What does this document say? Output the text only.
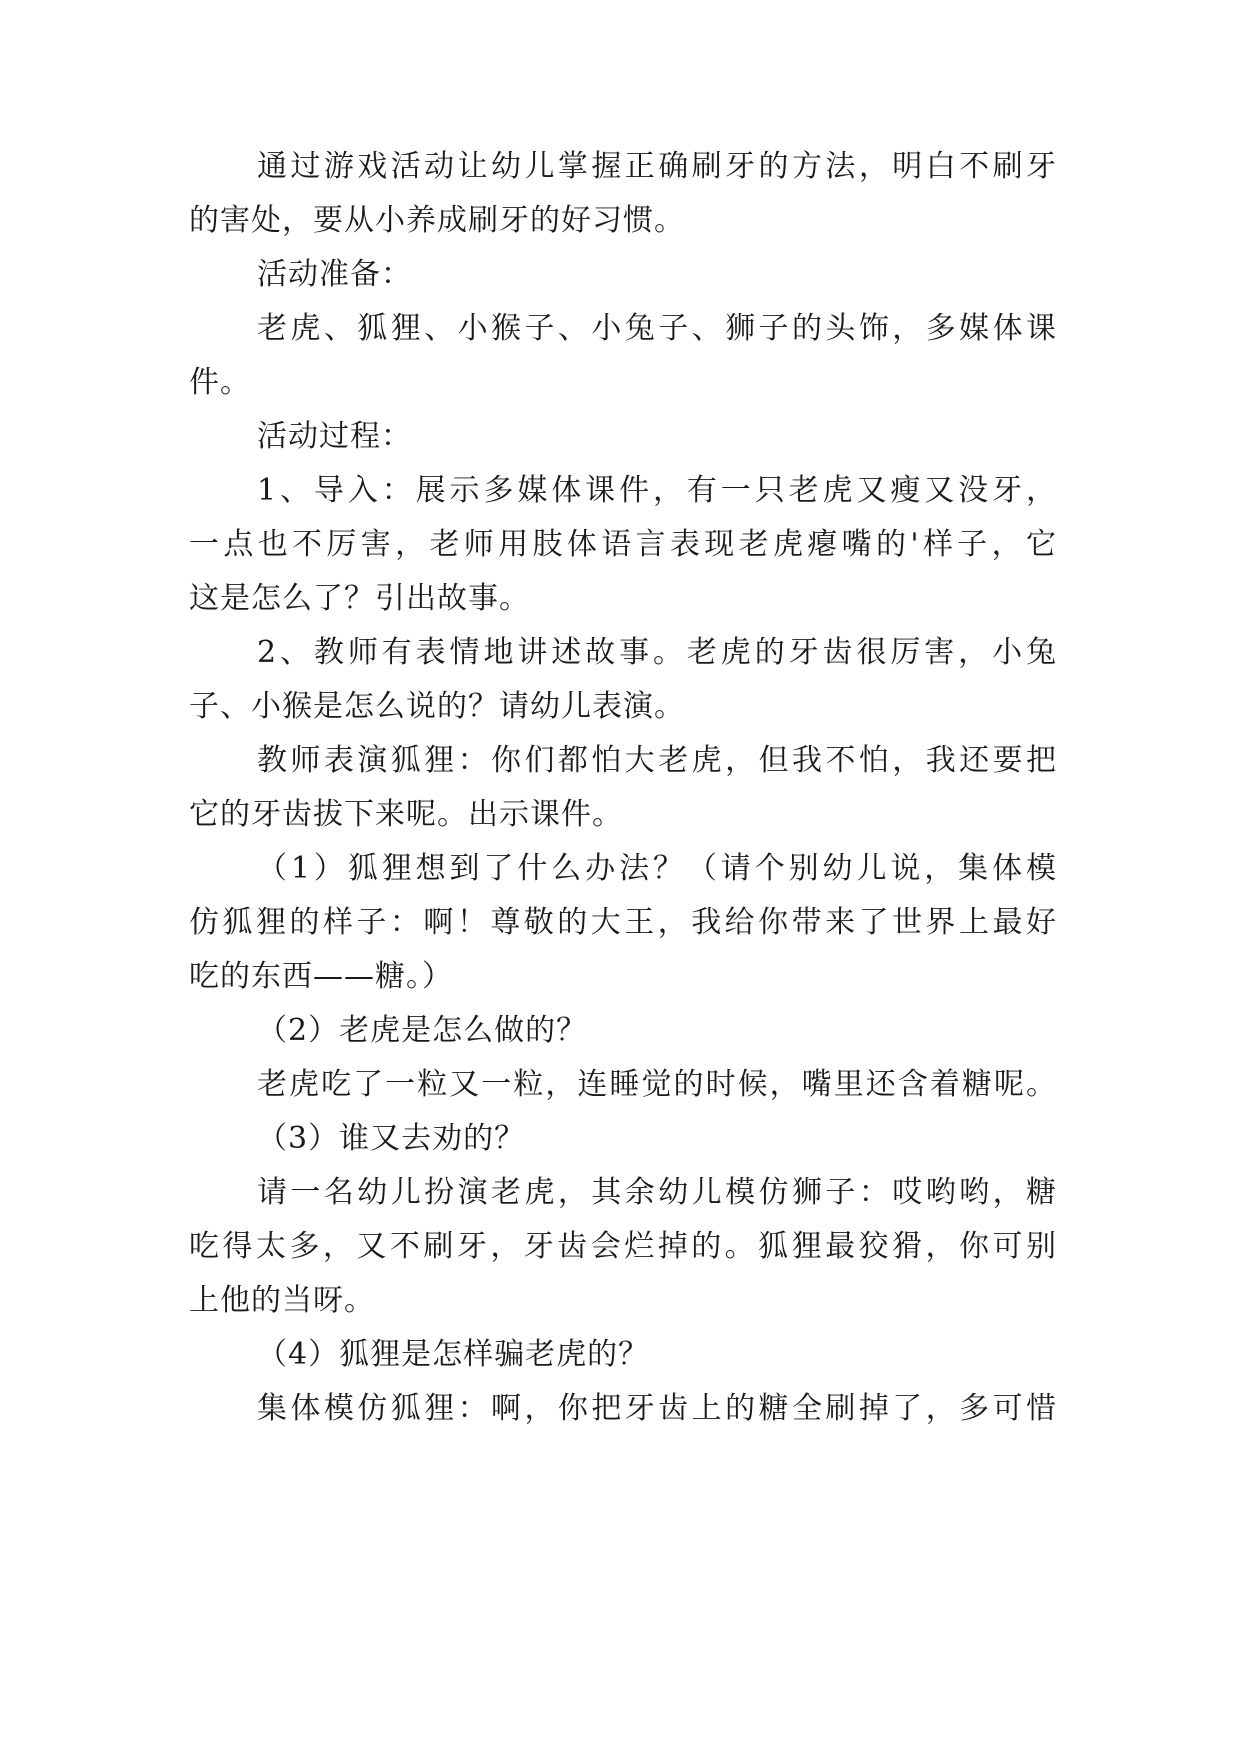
通过游戏活动让幼儿掌握正确刷牙的方法，明白不刷牙
的害处，要从小养成刷牙的好习惯。
活动准备：
老虎、狐狸、小猴子、小兔子、狮子的头饰，多媒体课
件。
活动过程：
1、导入：展示多媒体课件，有一只老虎又瘦又没牙，
一点也不厉害，老师用肢体语言表现老虎瘪嘴的'样子，它
这是怎么了？引出故事。
2、教师有表情地讲述故事。老虎的牙齿很厉害，小兔
子、小猴是怎么说的？请幼儿表演。
教师表演狐狸：你们都怕大老虎，但我不怕，我还要把
它的牙齿拔下来呢。出示课件。
（1）狐狸想到了什么办法？（请个别幼儿说，集体模
仿狐狸的样子：啊！尊敬的大王，我给你带来了世界上最好
吃的东西——糖。）
（2）老虎是怎么做的？
老虎吃了一粒又一粒，连睡觉的时候，嘴里还含着糖呢。
（3）谁又去劝的？
请一名幼儿扮演老虎，其余幼儿模仿狮子：哎哟哟，糖
吃得太多，又不刷牙，牙齿会烂掉的。狐狸最狡猾，你可别
上他的当呀。
（4）狐狸是怎样骗老虎的？
集体模仿狐狸：啊，你把牙齿上的糖全刷掉了，多可惜
